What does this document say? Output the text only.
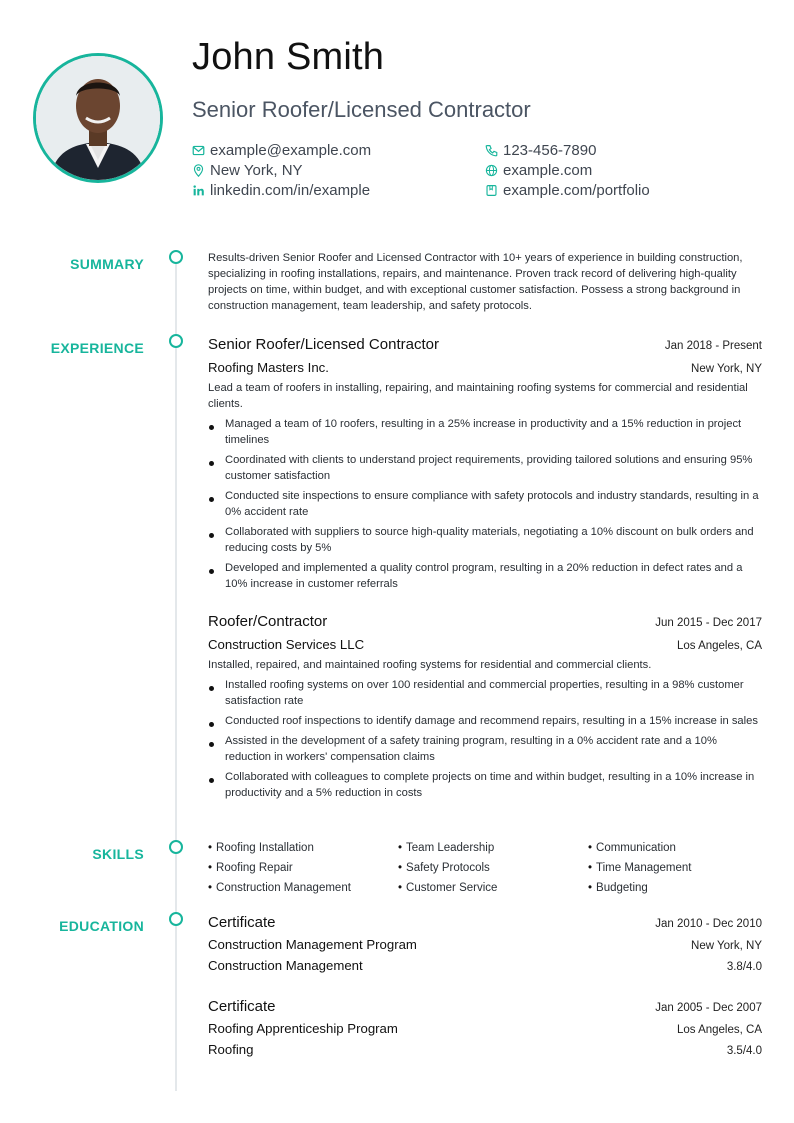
John Smith
Senior Roofer/Licensed Contractor
example@example.com	123-456-7890
New York, NY	example.com
linkedin.com/in/example	example.com/portfolio
SUMMARY
EXPERIENCE
SKILLS
EDUCATION
Results-driven Senior Roofer and Licensed Contractor with 10+ years of experience in building construction, specializing in roofing installations, repairs, and maintenance. Proven track record of delivering high-quality projects on time, within budget, and with exceptional customer satisfaction. Possess a strong background in construction management, team leadership, and safety protocols.
Senior Roofer/Licensed Contractor	Jan 2018 - Present
Roofing Masters Inc.	New York, NY
Lead a team of roofers in installing, repairing, and maintaining roofing systems for commercial and residential clients.
Managed a team of 10 roofers, resulting in a 25% increase in productivity and a 15% reduction in project timelines
Coordinated with clients to understand project requirements, providing tailored solutions and ensuring 95% customer satisfaction
Conducted site inspections to ensure compliance with safety protocols and industry standards, resulting in a 0% accident rate
Collaborated with suppliers to source high-quality materials, negotiating a 10% discount on bulk orders and reducing costs by 5%
Developed and implemented a quality control program, resulting in a 20% reduction in defect rates and a 10% increase in customer referrals
Roofer/Contractor	Jun 2015 - Dec 2017
Construction Services LLC	Los Angeles, CA
Installed, repaired, and maintained roofing systems for residential and commercial clients.
Installed roofing systems on over 100 residential and commercial properties, resulting in a 98% customer satisfaction rate
Conducted roof inspections to identify damage and recommend repairs, resulting in a 15% increase in sales
Assisted in the development of a safety training program, resulting in a 0% accident rate and a 10% reduction in workers' compensation claims
Collaborated with colleagues to complete projects on time and within budget, resulting in a 10% increase in productivity and a 5% reduction in costs
• Roofing Installation	• Team Leadership	• Communication
• Roofing Repair	• Safety Protocols	• Time Management
• Construction Management	• Customer Service	• Budgeting
Certificate	Jan 2010 - Dec 2010
Construction Management Program	New York, NY
Construction Management	3.8/4.0
Certificate	Jan 2005 - Dec 2007
Roofing Apprenticeship Program	Los Angeles, CA
Roofing	3.5/4.0
